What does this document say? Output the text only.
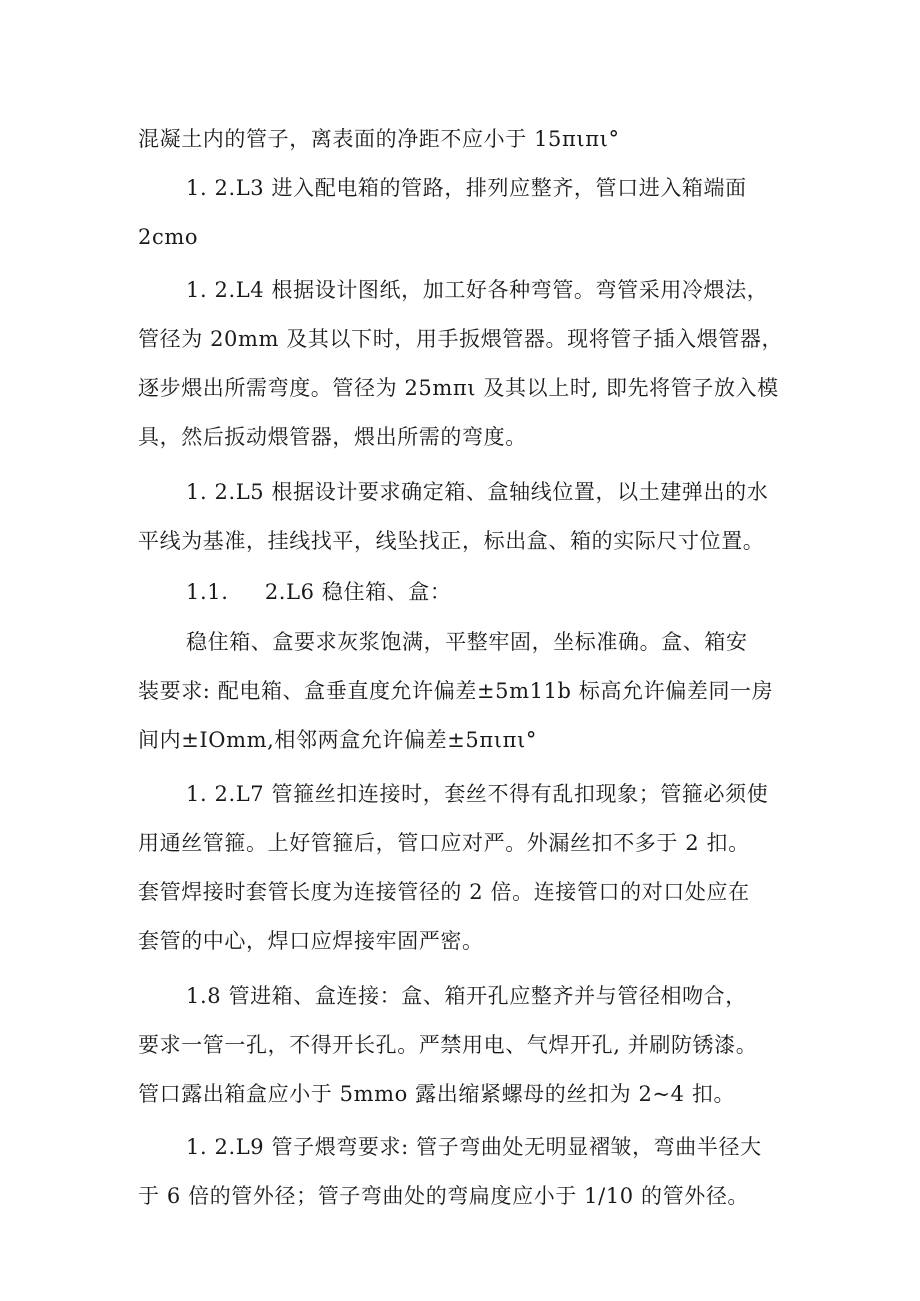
混凝土内的管子，离表面的净距不应小于 15πιπι°

1. 2.L3 进入配电箱的管路，排列应整齐，管口进入箱端面
2cmo

1. 2.L4 根据设计图纸，加工好各种弯管。弯管采用冷煨法，
管径为 20mm 及其以下时，用手扳煨管器。现将管子插入煨管器，
逐步煨出所需弯度。管径为 25mπι 及其以上时, 即先将管子放入模
具，然后扳动煨管器，煨出所需的弯度。

1. 2.L5 根据设计要求确定箱、盒轴线位置，以土建弹出的水
平线为基准，挂线找平，线坠找正，标出盒、箱的实际尺寸位置。

1.1.     2.L6 稳住箱、盒：

稳住箱、盒要求灰浆饱满，平整牢固，坐标准确。盒、箱安
装要求: 配电箱、盒垂直度允许偏差±5m11b 标高允许偏差同一房
间内±IOmm,相邻两盒允许偏差±5πιπι°

1. 2.L7 管箍丝扣连接时，套丝不得有乱扣现象；管箍必须使
用通丝管箍。上好管箍后，管口应对严。外漏丝扣不多于 2 扣。
套管焊接时套管长度为连接管径的 2 倍。连接管口的对口处应在
套管的中心，焊口应焊接牢固严密。

1.8 管进箱、盒连接：盒、箱开孔应整齐并与管径相吻合，
要求一管一孔，不得开长孔。严禁用电、气焊开孔, 并刷防锈漆。
管口露出箱盒应小于 5mmo 露出缩紧螺母的丝扣为 2~4 扣。

1. 2.L9 管子煨弯要求: 管子弯曲处无明显褶皱，弯曲半径大
于 6 倍的管外径；管子弯曲处的弯扁度应小于 1/10 的管外径。
